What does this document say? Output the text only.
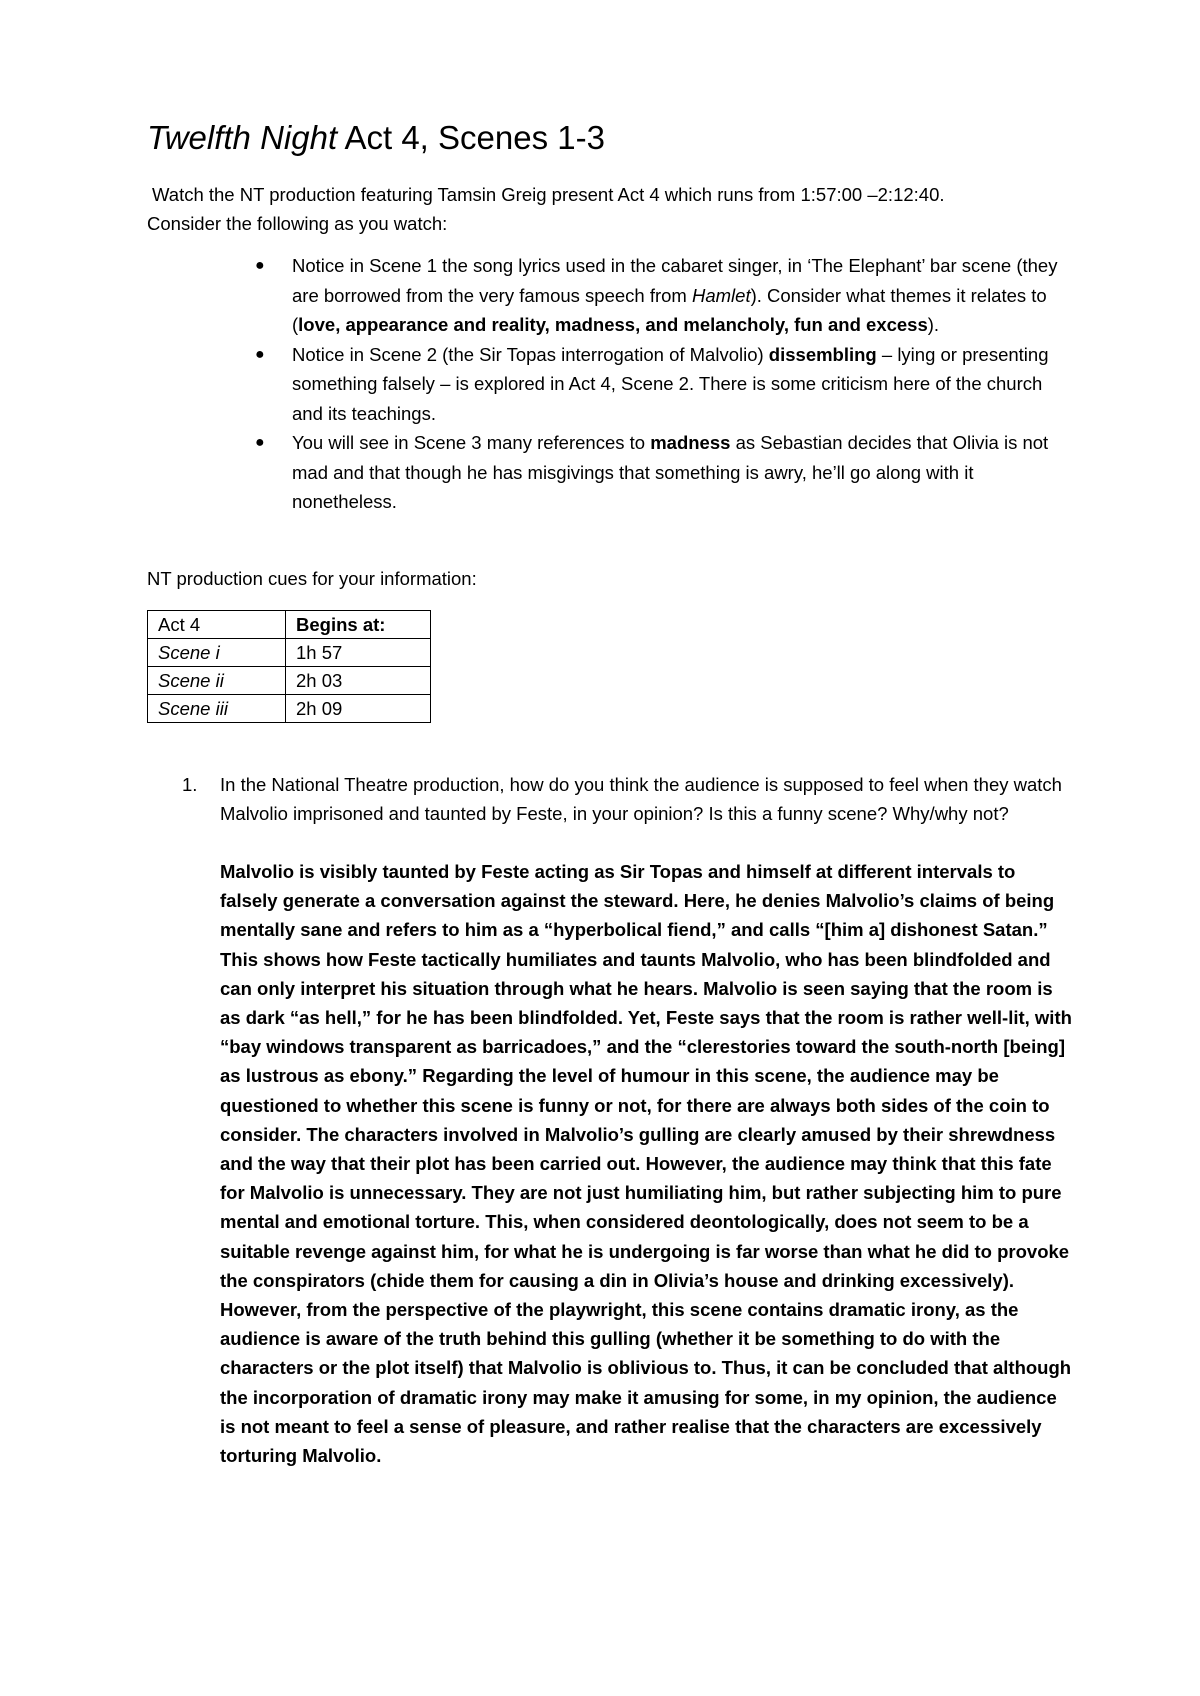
Twelfth Night Act 4, Scenes 1-3
Watch the NT production featuring Tamsin Greig present Act 4 which runs from 1:57:00 –2:12:40.
Consider the following as you watch:
● Notice in Scene 1 the song lyrics used in the cabaret singer, in ‘The Elephant’ bar scene (they are borrowed from the very famous speech from Hamlet). Consider what themes it relates to (love, appearance and reality, madness, and melancholy, fun and excess).
● Notice in Scene 2 (the Sir Topas interrogation of Malvolio) dissembling – lying or presenting something falsely – is explored in Act 4, Scene 2. There is some criticism here of the church and its teachings.
● You will see in Scene 3 many references to madness as Sebastian decides that Olivia is not mad and that though he has misgivings that something is awry, he’ll go along with it nonetheless.

NT production cues for your information:

Act 4	Begins at:
Scene i	1h 57
Scene ii	2h 03
Scene iii	2h 09
1. In the National Theatre production, how do you think the audience is supposed to feel when they watch Malvolio imprisoned and taunted by Feste, in your opinion? Is this a funny scene? Why/why not?

Malvolio is visibly taunted by Feste acting as Sir Topas and himself at different intervals to falsely generate a conversation against the steward. Here, he denies Malvolio’s claims of being mentally sane and refers to him as a “hyperbolical fiend,” and calls “[him a] dishonest Satan.” This shows how Feste tactically humiliates and taunts Malvolio, who has been blindfolded and can only interpret his situation through what he hears. Malvolio is seen saying that the room is as dark “as hell,” for he has been blindfolded. Yet, Feste says that the room is rather well-lit, with “bay windows transparent as barricadoes,” and the “clerestories toward the south-north [being] as lustrous as ebony.” Regarding the level of humour in this scene, the audience may be questioned to whether this scene is funny or not, for there are always both sides of the coin to consider. The characters involved in Malvolio’s gulling are clearly amused by their shrewdness and the way that their plot has been carried out. However, the audience may think that this fate for Malvolio is unnecessary. They are not just humiliating him, but rather subjecting him to pure mental and emotional torture. This, when considered deontologically, does not seem to be a suitable revenge against him, for what he is undergoing is far worse than what he did to provoke the conspirators (chide them for causing a din in Olivia’s house and drinking excessively). However, from the perspective of the playwright, this scene contains dramatic irony, as the audience is aware of the truth behind this gulling (whether it be something to do with the characters or the plot itself) that Malvolio is oblivious to. Thus, it can be concluded that although the incorporation of dramatic irony may make it amusing for some, in my opinion, the audience is not meant to feel a sense of pleasure, and rather realise that the characters are excessively torturing Malvolio.
